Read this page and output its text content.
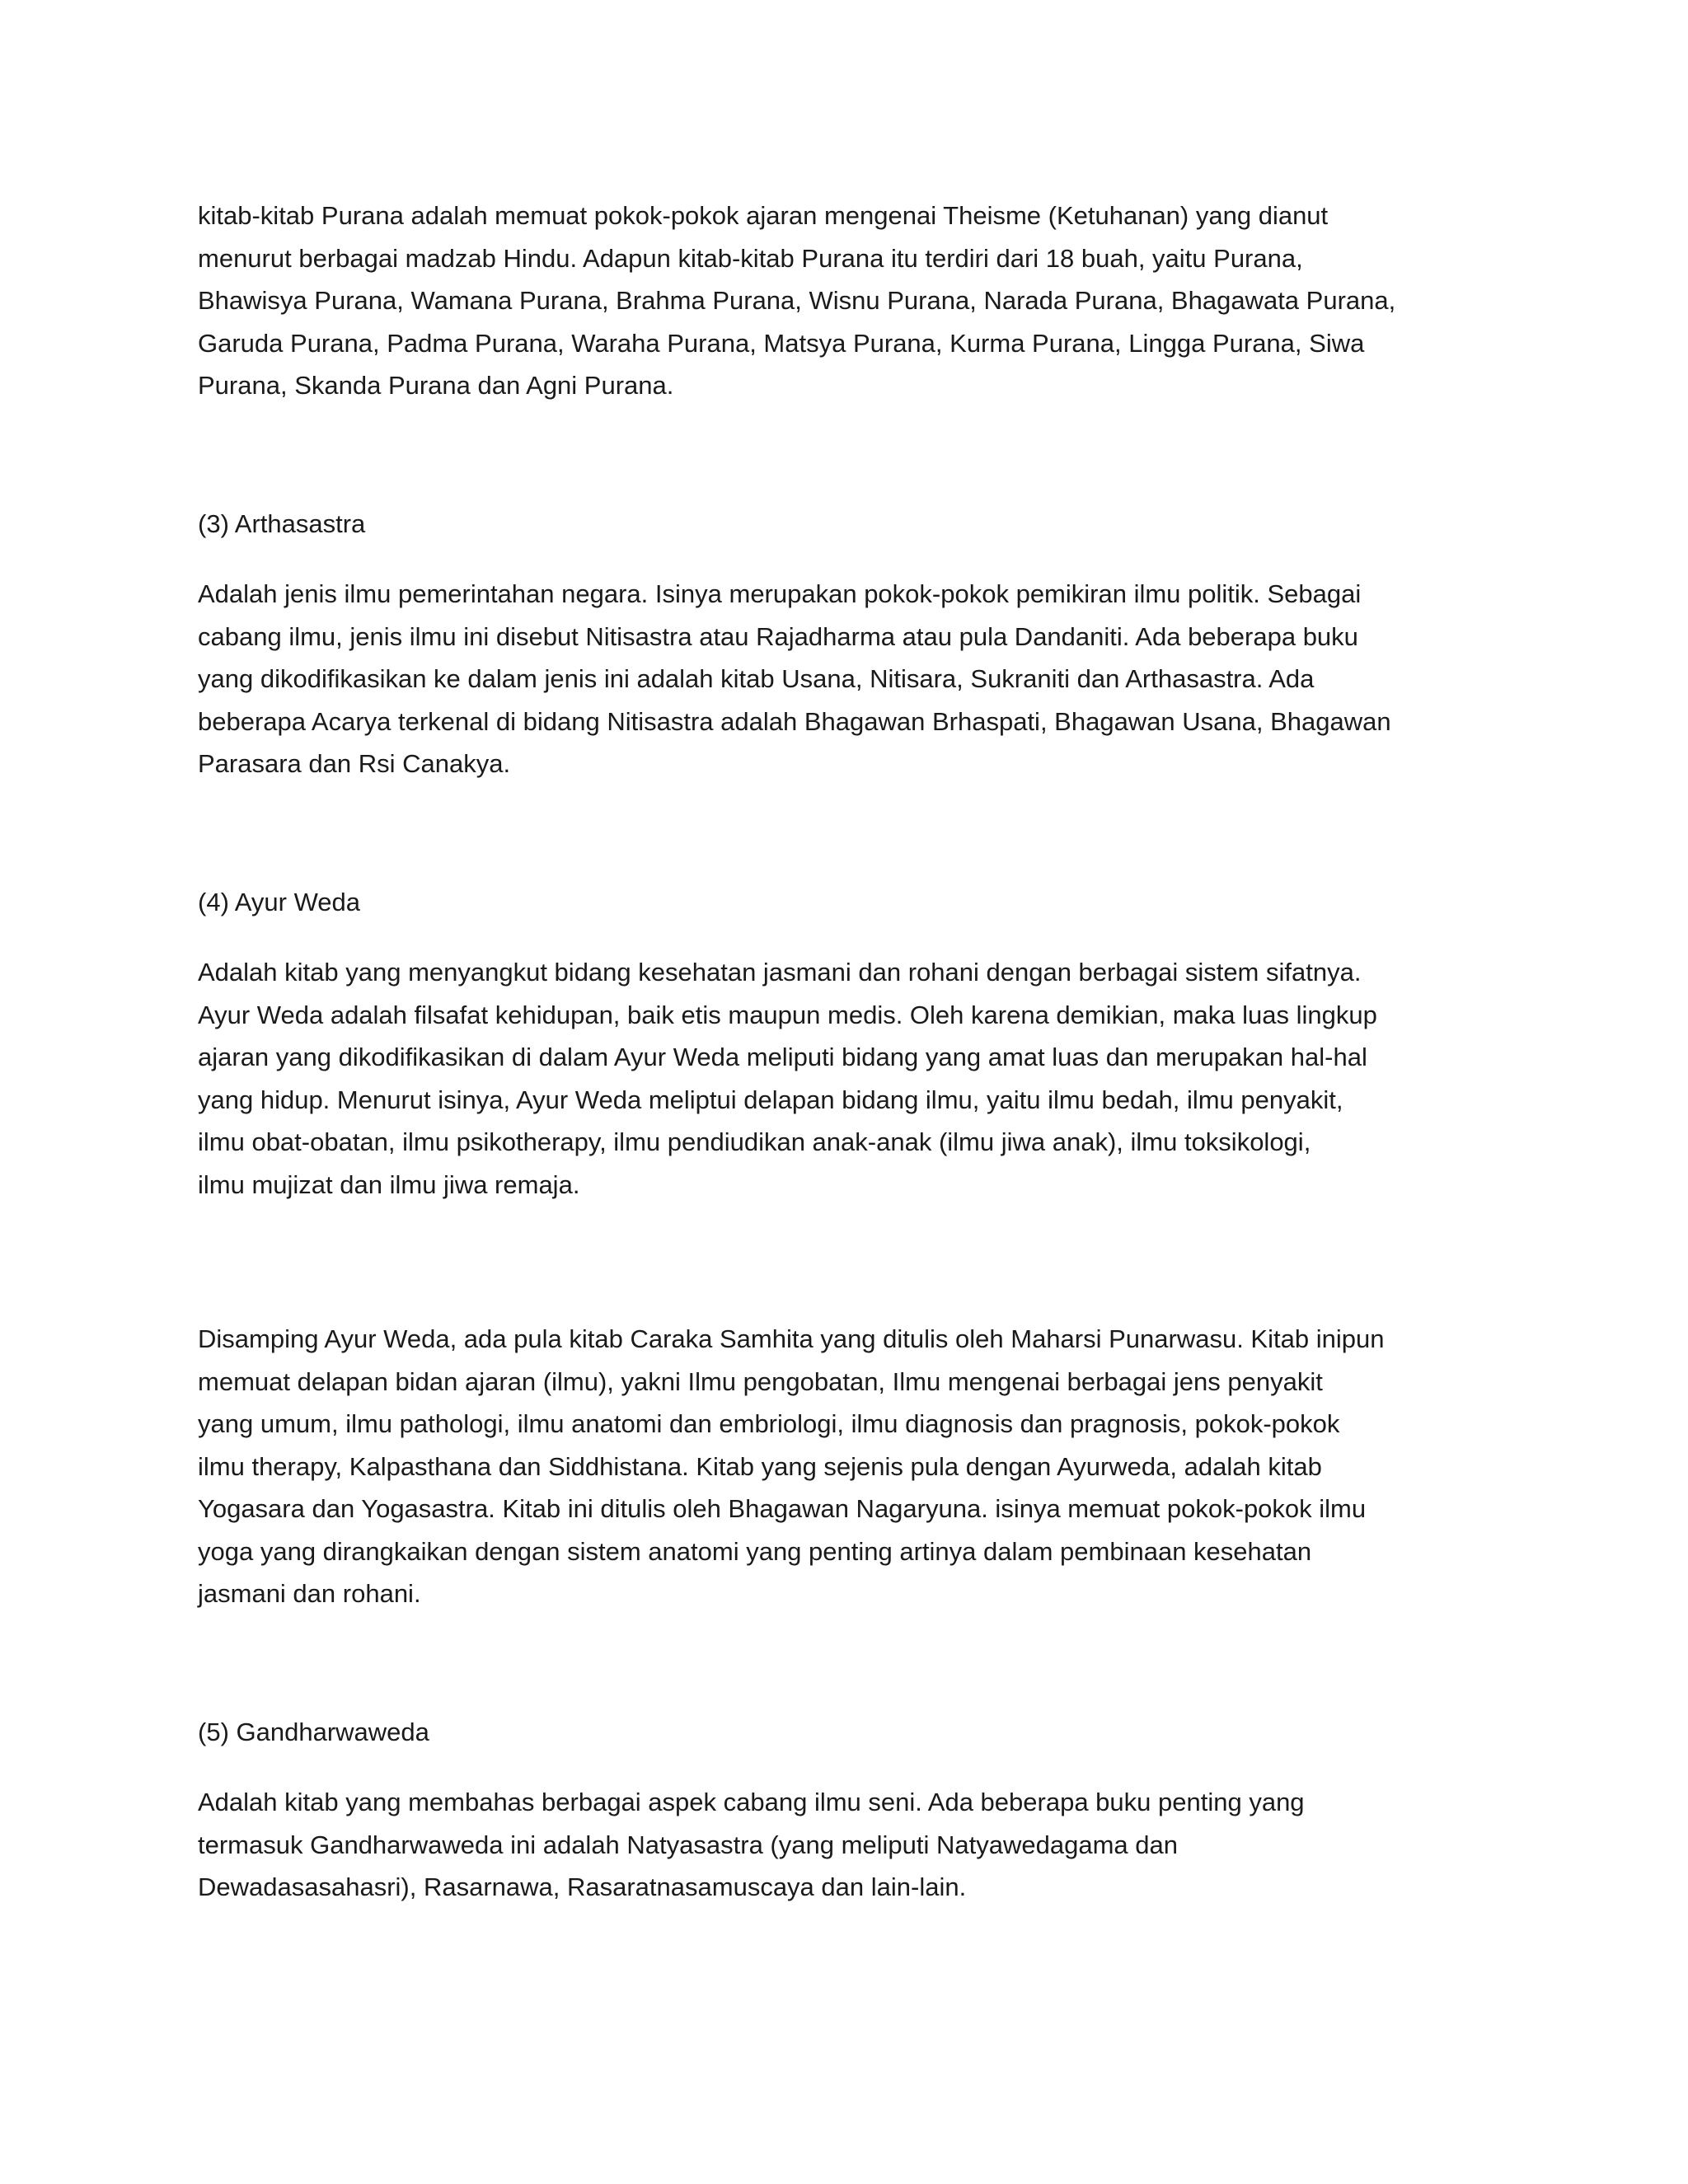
kitab-kitab Purana adalah memuat pokok-pokok ajaran mengenai Theisme (Ketuhanan) yang dianut
menurut berbagai madzab Hindu. Adapun kitab-kitab Purana itu terdiri dari 18 buah, yaitu Purana,
Bhawisya Purana, Wamana Purana, Brahma Purana, Wisnu Purana, Narada Purana, Bhagawata Purana,
Garuda Purana, Padma Purana, Waraha Purana, Matsya Purana, Kurma Purana, Lingga Purana, Siwa
Purana, Skanda Purana dan Agni Purana.

(3) Arthasastra

Adalah jenis ilmu pemerintahan negara. Isinya merupakan pokok-pokok pemikiran ilmu politik. Sebagai
cabang ilmu, jenis ilmu ini disebut Nitisastra atau Rajadharma atau pula Dandaniti. Ada beberapa buku
yang dikodifikasikan ke dalam jenis ini adalah kitab Usana, Nitisara, Sukraniti dan Arthasastra. Ada
beberapa Acarya terkenal di bidang Nitisastra adalah Bhagawan Brhaspati, Bhagawan Usana, Bhagawan
Parasara dan Rsi Canakya.

(4) Ayur Weda

Adalah kitab yang menyangkut bidang kesehatan jasmani dan rohani dengan berbagai sistem sifatnya.
Ayur Weda adalah filsafat kehidupan, baik etis maupun medis. Oleh karena demikian, maka luas lingkup
ajaran yang dikodifikasikan di dalam Ayur Weda meliputi bidang yang amat luas dan merupakan hal-hal
yang hidup. Menurut isinya, Ayur Weda meliptui delapan bidang ilmu, yaitu ilmu bedah, ilmu penyakit,
ilmu obat-obatan, ilmu psikotherapy, ilmu pendiudikan anak-anak (ilmu jiwa anak), ilmu toksikologi,
ilmu mujizat dan ilmu jiwa remaja.

Disamping Ayur Weda, ada pula kitab Caraka Samhita yang ditulis oleh Maharsi Punarwasu. Kitab inipun
memuat delapan bidan ajaran (ilmu), yakni Ilmu pengobatan, Ilmu mengenai berbagai jens penyakit
yang umum, ilmu pathologi, ilmu anatomi dan embriologi, ilmu diagnosis dan pragnosis, pokok-pokok
ilmu therapy, Kalpasthana dan Siddhistana. Kitab yang sejenis pula dengan Ayurweda, adalah kitab
Yogasara dan Yogasastra. Kitab ini ditulis oleh Bhagawan Nagaryuna. isinya memuat pokok-pokok ilmu
yoga yang dirangkaikan dengan sistem anatomi yang penting artinya dalam pembinaan kesehatan
jasmani dan rohani.

(5) Gandharwaweda

Adalah kitab yang membahas berbagai aspek cabang ilmu seni. Ada beberapa buku penting yang
termasuk Gandharwaweda ini adalah Natyasastra (yang meliputi Natyawedagama dan
Dewadasasahasri), Rasarnawa, Rasaratnasamuscaya dan lain-lain.
